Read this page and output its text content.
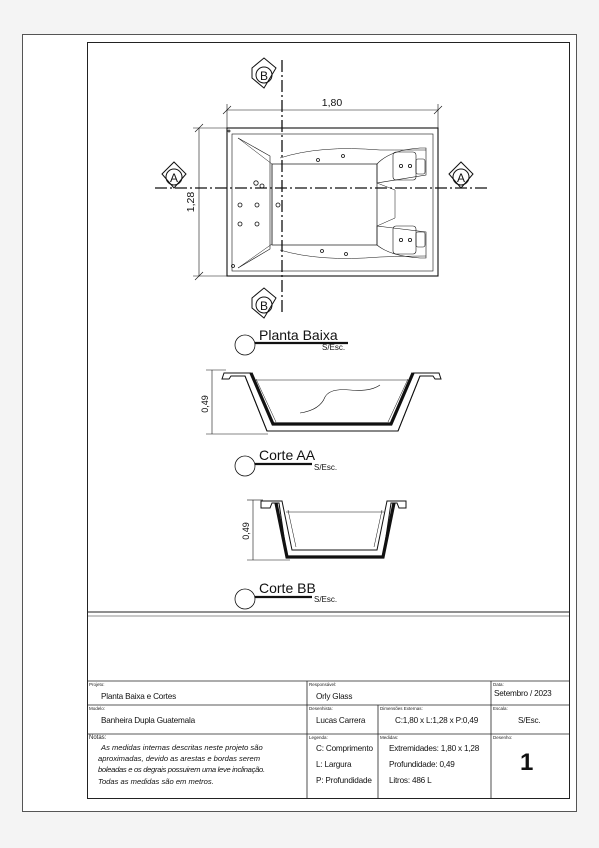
1,80
1,28
0,49
0,49
B
B
A	A
Planta Baixa
S/Esc.
Corte AA
S/Esc.
Corte BB
S/Esc.
Projeto:
Planta Baixa e Cortes
Responsável:
Orly Glass
Data:
Setembro / 2023
Modelo:
Banheira Dupla Guatemala
Desenhista:
Lucas Carrera
Dimensões Externas:
C:1,80 x L:1,28 x P:0,49
Escala:
S/Esc.
Notas:
As medidas internas descritas neste projeto são
aproximadas, devido as arestas e bordas serem
boleadas e os degrais possuirem uma leve inclinação.
Todas as medidas são em metros.
Legenda:
C: Comprimento
L: Largura
P: Profundidade
Medidas:
Extremidades: 1,80 x 1,28
Profundidade: 0,49
Litros: 486 L
Desenho:
1
